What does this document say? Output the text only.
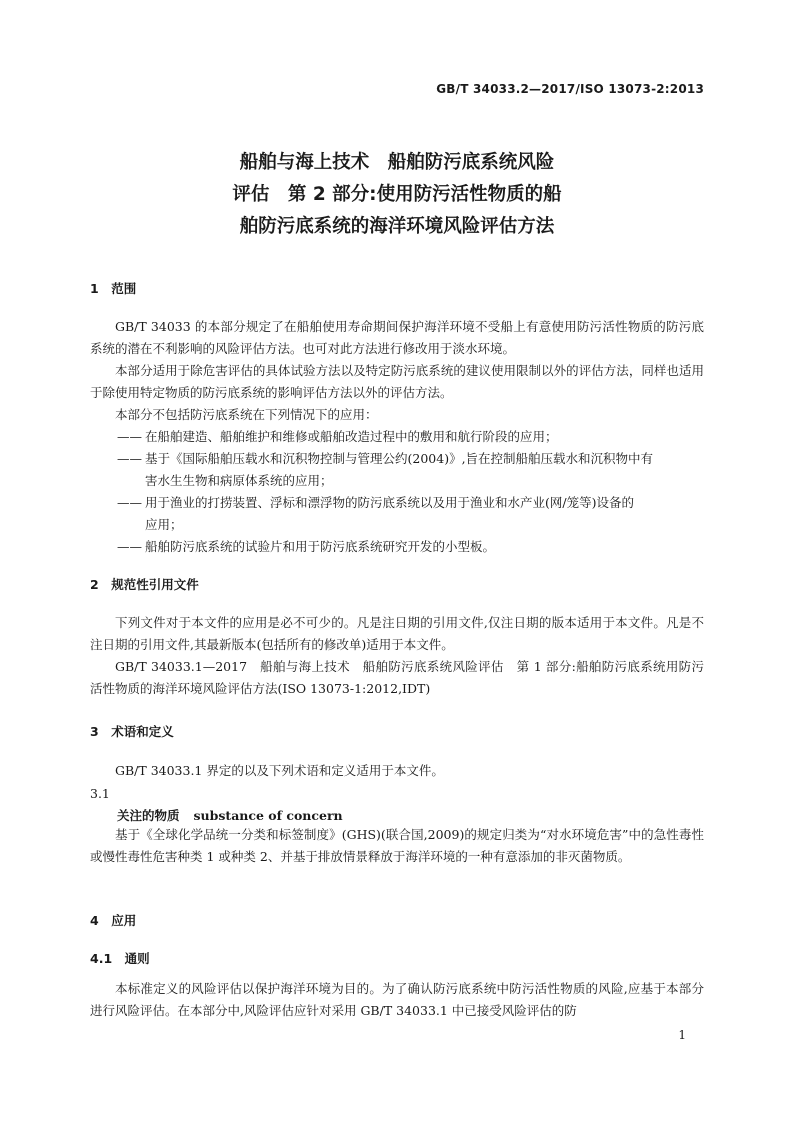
GB/T 34033.2—2017/ISO 13073-2:2013
船舶与海上技术　船舶防污底系统风险
评估　第 2 部分:使用防污活性物质的船
舶防污底系统的海洋环境风险评估方法
1　范围
GB/T 34033 的本部分规定了在船舶使用寿命期间保护海洋环境不受船上有意使用防污活性物质的防污底系统的潜在不利影响的风险评估方法。也可对此方法进行修改用于淡水环境。
本部分适用于除危害评估的具体试验方法以及特定防污底系统的建议使用限制以外的评估方法，同样也适用于除使用特定物质的防污底系统的影响评估方法以外的评估方法。
本部分不包括防污底系统在下列情况下的应用：
—— 在船舶建造、船舶维护和维修或船舶改造过程中的敷用和航行阶段的应用；
—— 基于《国际船舶压载水和沉积物控制与管理公约(2004)》,旨在控制船舶压载水和沉积物中有
害水生生物和病原体系统的应用；
—— 用于渔业的打捞装置、浮标和漂浮物的防污底系统以及用于渔业和水产业(网/笼等)设备的
应用；
—— 船舶防污底系统的试验片和用于防污底系统研究开发的小型板。
2　规范性引用文件
下列文件对于本文件的应用是必不可少的。凡是注日期的引用文件,仅注日期的版本适用于本文件。凡是不注日期的引用文件,其最新版本(包括所有的修改单)适用于本文件。
GB/T 34033.1—2017　船舶与海上技术　船舶防污底系统风险评估　第 1 部分:船舶防污底系统用防污活性物质的海洋环境风险评估方法(ISO 13073-1:2012,IDT)
3　术语和定义
GB/T 34033.1 界定的以及下列术语和定义适用于本文件。
3.1
关注的物质 substance of concern
基于《全球化学品统一分类和标签制度》(GHS)(联合国,2009)的规定归类为“对水环境危害”中的急性毒性或慢性毒性危害种类 1 或种类 2、并基于排放情景释放于海洋环境的一种有意添加的非灭菌物质。
4　应用
4.1　通则
本标准定义的风险评估以保护海洋环境为目的。为了确认防污底系统中防污活性物质的风险,应基于本部分进行风险评估。在本部分中,风险评估应针对采用 GB/T 34033.1 中已接受风险评估的防
1
